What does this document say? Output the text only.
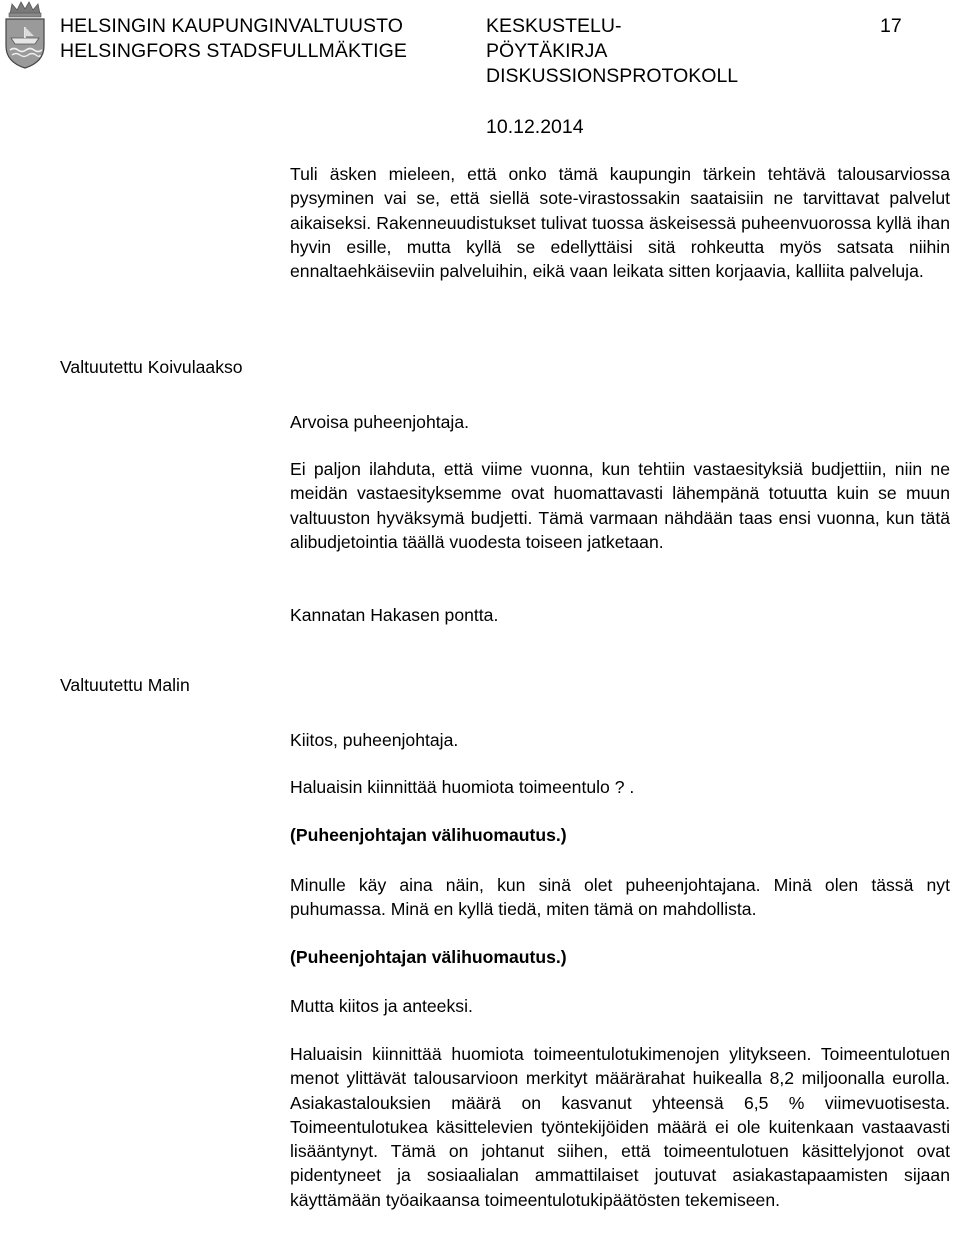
HELSINGIN KAUPUNGINVALTUUSTO
HELSINGFORS STADSFULLMÄKTIGE
KESKUSTELU-
PÖYTÄKIRJA
DISKUSSIONSPROTOKOLL
17
10.12.2014

Tuli äsken mieleen, että onko tämä kaupungin tärkein tehtävä talousarviossa pysyminen vai se, että siellä sote-virastossakin saataisiin ne tarvittavat palvelut aikaiseksi. Rakenneuudistukset tulivat tuossa äskeisessä puheenvuorossa kyllä ihan hyvin esille, mutta kyllä se edellyttäisi sitä rohkeutta myös satsata niihin ennaltaehkäiseviin palveluihin, eikä vaan leikata sitten korjaavia, kalliita palveluja.

Valtuutettu Koivulaakso

Arvoisa puheenjohtaja.

Ei paljon ilahduta, että viime vuonna, kun tehtiin vastaesityksiä budjettiin, niin ne meidän vastaesityksemme ovat huomattavasti lähempänä totuutta kuin se muun valtuuston hyväksymä budjetti. Tämä varmaan nähdään taas ensi vuonna, kun tätä alibudjetointia täällä vuodesta toiseen jatketaan.

Kannatan Hakasen pontta.

Valtuutettu Malin

Kiitos, puheenjohtaja.

Haluaisin kiinnittää huomiota toimeentulo ? .

(Puheenjohtajan välihuomautus.)

Minulle käy aina näin, kun sinä olet puheenjohtajana. Minä olen tässä nyt puhumassa. Minä en kyllä tiedä, miten tämä on mahdollista.

(Puheenjohtajan välihuomautus.)

Mutta kiitos ja anteeksi.

Haluaisin kiinnittää huomiota toimeentulotukimenojen ylitykseen. Toimeentulotuen menot ylittävät talousarvioon merkityt määrärahat huikealla 8,2 miljoonalla eurolla. Asiakastalouksien määrä on kasvanut yhteensä 6,5 % viimevuotisesta. Toimeentulotukea käsittelevien työntekijöiden määrä ei ole kuitenkaan vastaavasti lisääntynyt. Tämä on johtanut siihen, että toimeentulotuen käsittelyjonot ovat pidentyneet ja sosiaalialan ammattilaiset joutuvat asiakastapaamisten sijaan käyttämään työaikaansa toimeentulotukipäätösten tekemiseen.
